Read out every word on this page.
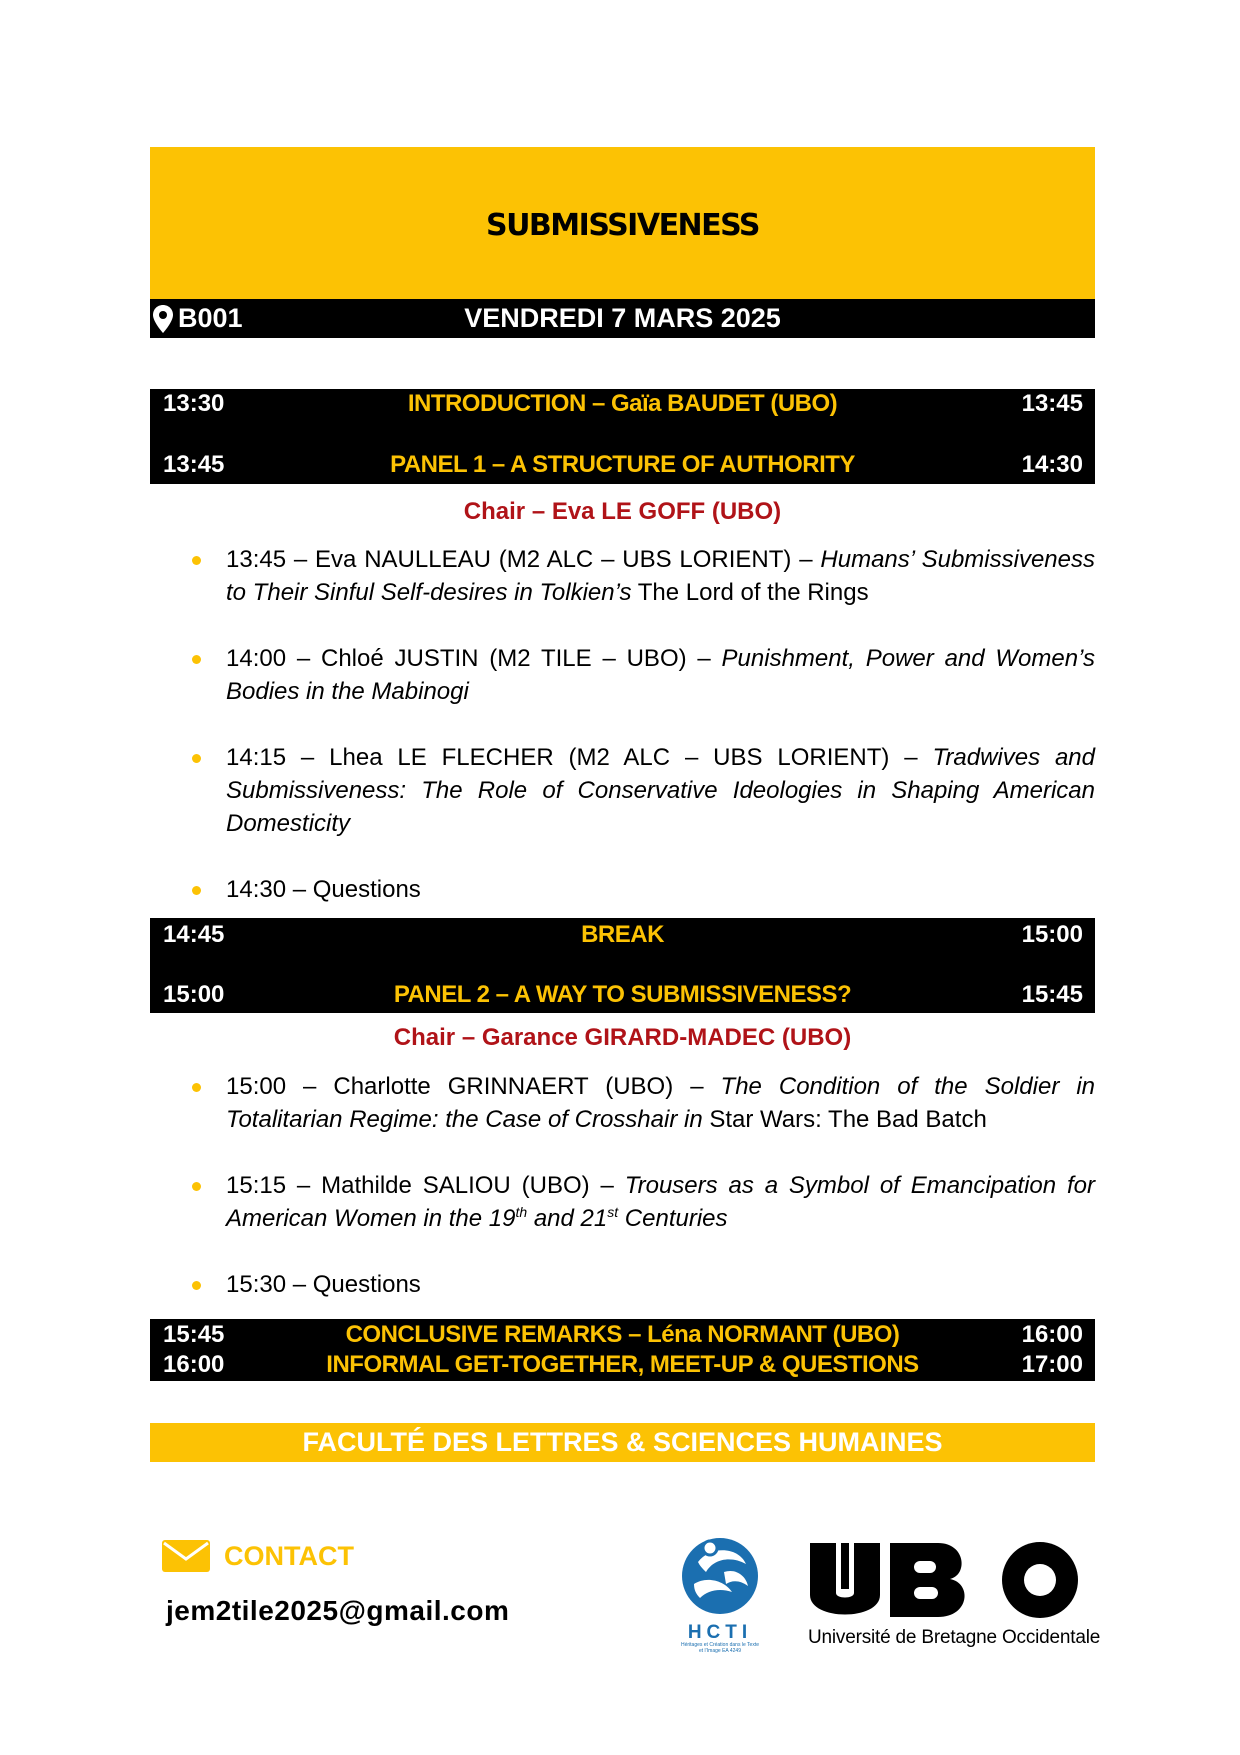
SUBMISSIVENESS
B001	VENDREDI 7 MARS 2025
13:30	INTRODUCTION – Gaïa BAUDET (UBO)	13:45
13:45	PANEL 1 – A STRUCTURE OF AUTHORITY	14:30
Chair – Eva LE GOFF (UBO)
13:45 – Eva NAULLEAU (M2 ALC – UBS LORIENT) – Humans’ Submissiveness to Their Sinful Self-desires in Tolkien’s The Lord of the Rings
14:00 – Chloé JUSTIN (M2 TILE – UBO) – Punishment, Power and Women’s Bodies in the Mabinogi
14:15 – Lhea LE FLECHER (M2 ALC – UBS LORIENT) – Tradwives and Submissiveness: The Role of Conservative Ideologies in Shaping American Domesticity
14:30 – Questions
14:45	BREAK	15:00
15:00	PANEL 2 – A WAY TO SUBMISSIVENESS?	15:45
Chair – Garance GIRARD-MADEC (UBO)
15:00 – Charlotte GRINNAERT (UBO) – The Condition of the Soldier in Totalitarian Regime: the Case of Crosshair in Star Wars: The Bad Batch
15:15 – Mathilde SALIOU (UBO) – Trousers as a Symbol of Emancipation for American Women in the 19th and 21st Centuries
15:30 – Questions
15:45	CONCLUSIVE REMARKS – Léna NORMANT (UBO)	16:00
16:00	INFORMAL GET-TOGETHER, MEET-UP & QUESTIONS	17:00
FACULTÉ DES LETTRES & SCIENCES HUMAINES
CONTACT
jem2tile2025@gmail.com
HCTI
Héritages et Création dans le Texte et l’Image EA 4249
Université de Bretagne Occidentale
